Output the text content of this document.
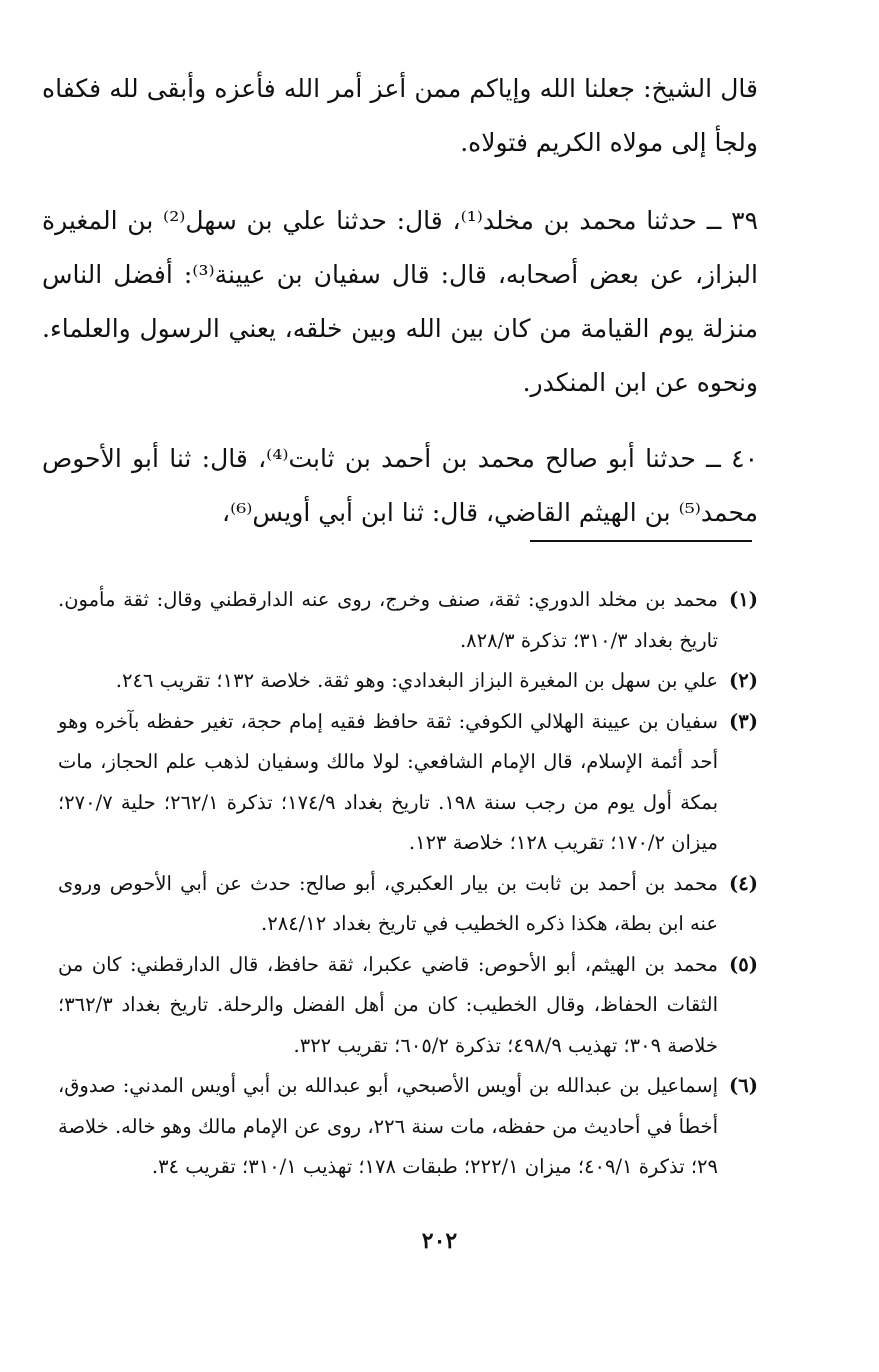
قال الشيخ: جعلنا الله وإياكم ممن أعز أمر الله فأعزه وأبقى لله فكفاه ولجأ إلى مولاه الكريم فتولاه.

٣٩ ــ حدثنا محمد بن مخلد⁽¹⁾، قال: حدثنا علي بن سهل⁽²⁾ بن المغيرة البزاز، عن بعض أصحابه، قال: قال سفيان بن عيينة⁽³⁾: أفضل الناس منزلة يوم القيامة من كان بين الله وبين خلقه، يعني الرسول والعلماء. ونحوه عن ابن المنكدر.

٤٠ ــ حدثنا أبو صالح محمد بن أحمد بن ثابت⁽⁴⁾، قال: ثنا أبو الأحوص محمد⁽⁵⁾ بن الهيثم القاضي، قال: ثنا ابن أبي أويس⁽⁶⁾،

(١)
محمد بن مخلد الدوري: ثقة، صنف وخرج، روى عنه الدارقطني وقال: ثقة مأمون. تاريخ بغداد ٣١٠/٣؛ تذكرة ٨٢٨/٣.
(٢)
علي بن سهل بن المغيرة البزاز البغدادي: وهو ثقة. خلاصة ١٣٢؛ تقريب ٢٤٦.
(٣)
سفيان بن عيينة الهلالي الكوفي: ثقة حافظ فقيه إمام حجة، تغير حفظه بآخره وهو أحد أئمة الإسلام، قال الإمام الشافعي: لولا مالك وسفيان لذهب علم الحجاز، مات بمكة أول يوم من رجب سنة ١٩٨. تاريخ بغداد ١٧٤/٩؛ تذكرة ٢٦٢/١؛ حلية ٢٧٠/٧؛ ميزان ١٧٠/٢؛ تقريب ١٢٨؛ خلاصة ١٢٣.
(٤)
محمد بن أحمد بن ثابت بن بيار العكبري، أبو صالح: حدث عن أبي الأحوص وروى عنه ابن بطة، هكذا ذكره الخطيب في تاريخ بغداد ٢٨٤/١٢.
(٥)
محمد بن الهيثم، أبو الأحوص: قاضي عكبرا، ثقة حافظ، قال الدارقطني: كان من الثقات الحفاظ، وقال الخطيب: كان من أهل الفضل والرحلة. تاريخ بغداد ٣٦٢/٣؛ خلاصة ٣٠٩؛ تهذيب ٤٩٨/٩؛ تذكرة ٦٠٥/٢؛ تقريب ٣٢٢.
(٦)
إسماعيل بن عبدالله بن أويس الأصبحي، أبو عبدالله بن أبي أويس المدني: صدوق، أخطأ في أحاديث من حفظه، مات سنة ٢٢٦، روى عن الإمام مالك وهو خاله. خلاصة ٢٩؛ تذكرة ٤٠٩/١؛ ميزان ٢٢٢/١؛ طبقات ١٧٨؛ تهذيب ٣١٠/١؛ تقريب ٣٤.
٢٠٢
